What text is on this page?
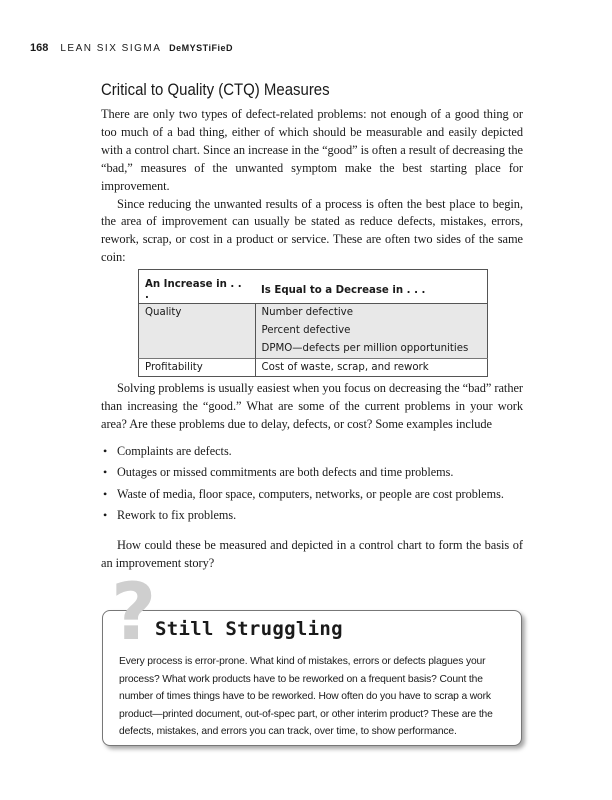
168 LEAN SIX SIGMA DeMYSTiFieD
Critical to Quality (CTQ) Measures

There are only two types of defect-related problems: not enough of a good thing or too much of a bad thing, either of which should be measurable and easily depicted with a control chart. Since an increase in the “good” is often a result of decreasing the “bad,” measures of the unwanted symptom make the best starting place for improvement.

Since reducing the unwanted results of a process is often the best place to begin, the area of improvement can usually be stated as reduce defects, mistakes, errors, rework, scrap, or cost in a product or service. These are often two sides of the same coin:

An Increase in . . .	Is Equal to a Decrease in . . .

Quality	Number defective
Percent defective
DPMO—defects per million opportunities

Profitability	Cost of waste, scrap, and rework

Solving problems is usually easiest when you focus on decreasing the “bad” rather than increasing the “good.” What are some of the current problems in your work area? Are these problems due to delay, defects, or cost? Some examples include

• Complaints are defects.
• Outages or missed commitments are both defects and time problems.
• Waste of media, floor space, computers, networks, or people are cost problems.
• Rework to fix problems.

How could these be measured and depicted in a control chart to form the basis of an improvement story?

?
Still Struggling

Every process is error-prone. What kind of mistakes, errors or defects plagues your process? What work products have to be reworked on a frequent basis? Count the number of times things have to be reworked. How often do you have to scrap a work product—printed document, out-of-spec part, or other interim product? These are the defects, mistakes, and errors you can track, over time, to show performance.
